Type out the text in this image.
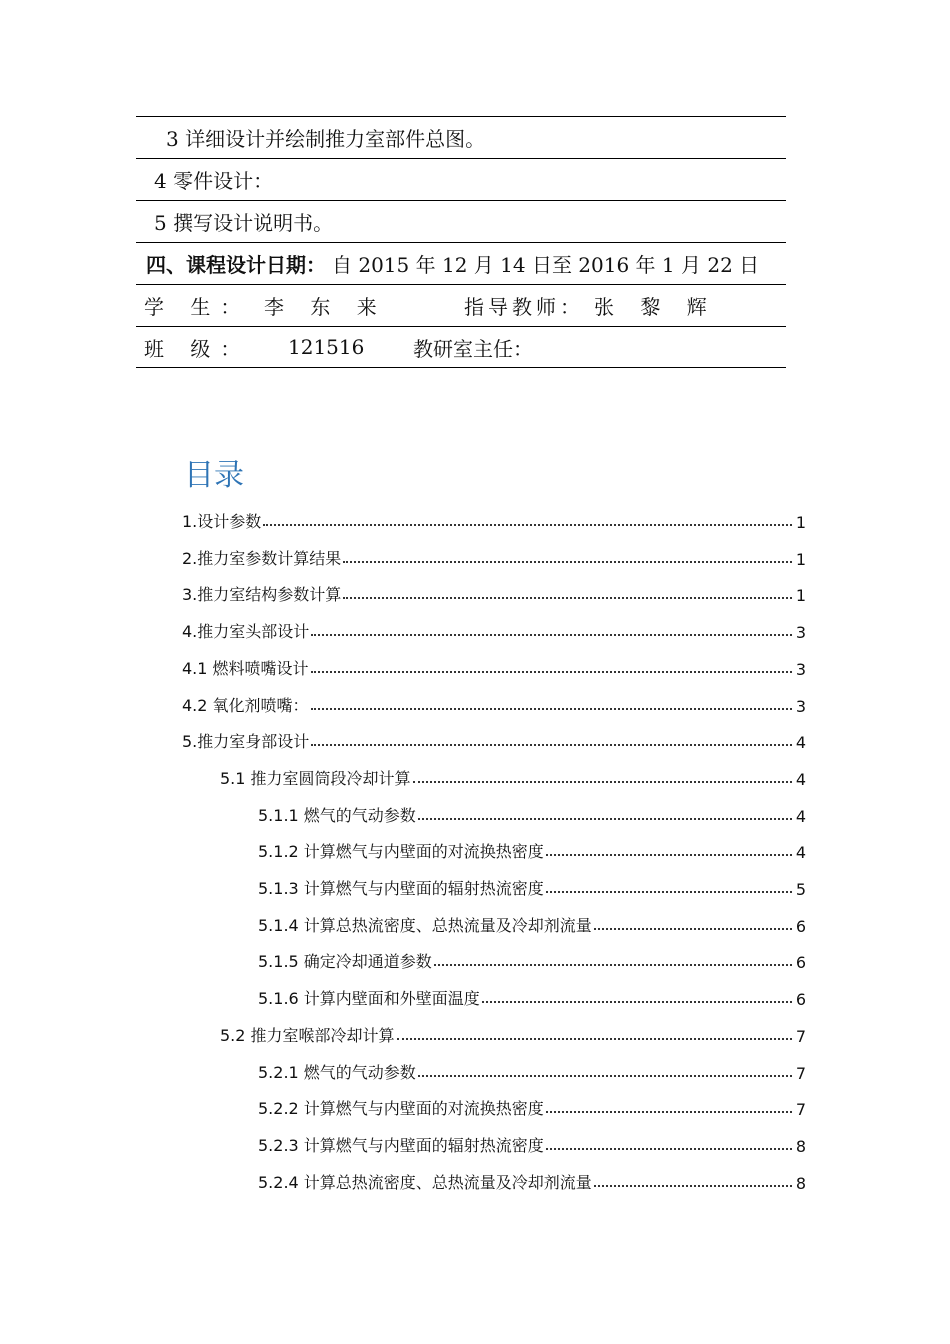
3 详细设计并绘制推力室部件总图。
4 零件设计：
5 撰写设计说明书。
四、课程设计日期： 自 2015 年 12 月 14 日至 2016 年 1 月 22 日
学 生： 李 东 来	指导教师： 张 黎 辉
班 级：	121516	教研室主任：
目录
1.设计参数	1
2.推力室参数计算结果	1
3.推力室结构参数计算	1
4.推力室头部设计	3
4.1 燃料喷嘴设计	3
4.2 氧化剂喷嘴：	3
5.推力室身部设计	4
5.1 推力室圆筒段冷却计算	4
5.1.1 燃气的气动参数	4
5.1.2 计算燃气与内壁面的对流换热密度	4
5.1.3 计算燃气与内壁面的辐射热流密度	5
5.1.4 计算总热流密度、总热流量及冷却剂流量	6
5.1.5 确定冷却通道参数	6
5.1.6 计算内壁面和外壁面温度	6
5.2 推力室喉部冷却计算	7
5.2.1 燃气的气动参数	7
5.2.2 计算燃气与内壁面的对流换热密度	7
5.2.3 计算燃气与内壁面的辐射热流密度	8
5.2.4 计算总热流密度、总热流量及冷却剂流量	8
